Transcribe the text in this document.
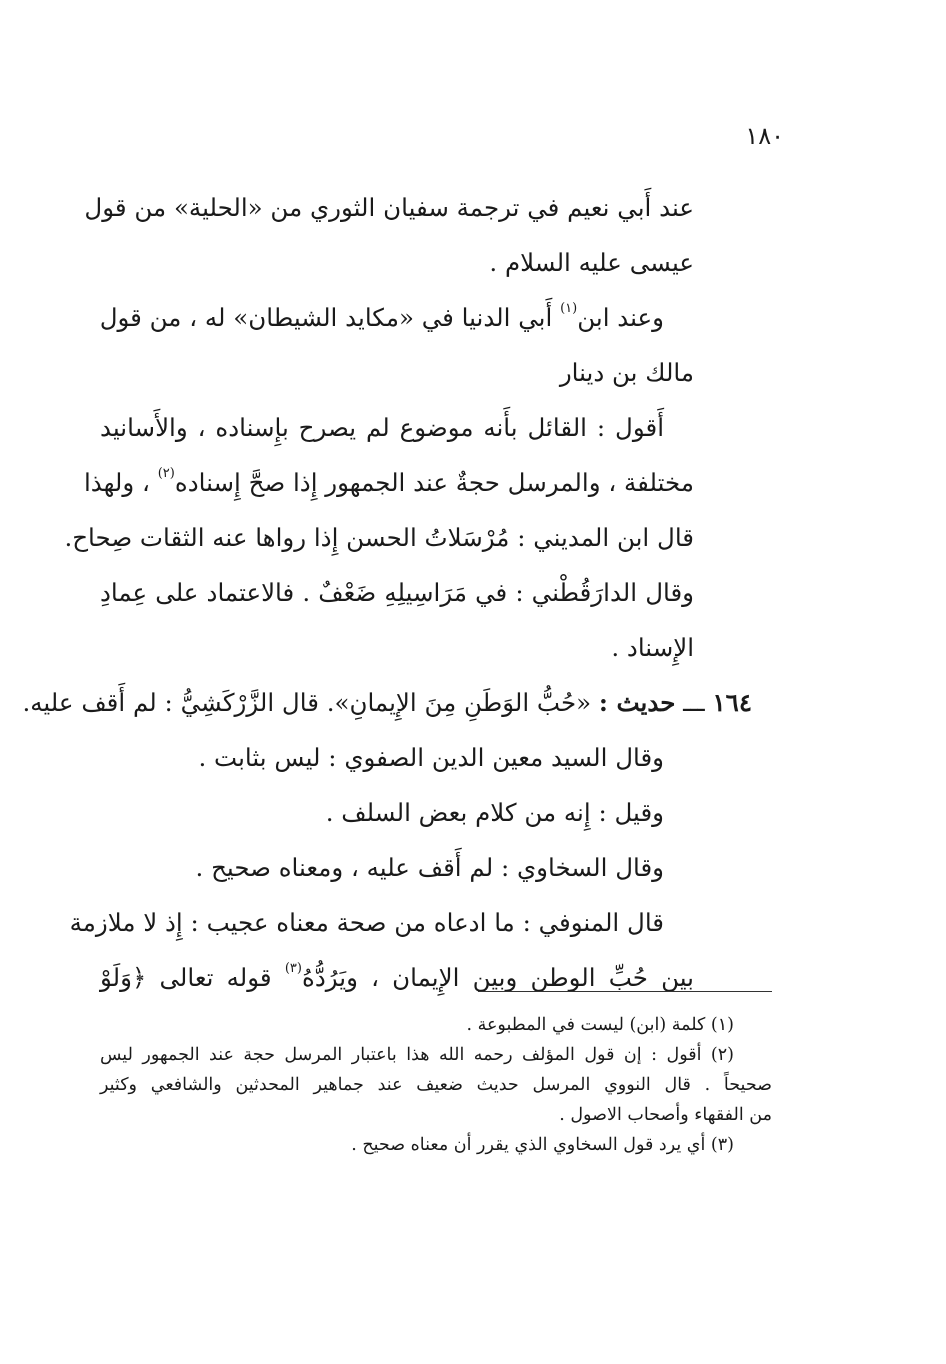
١٨٠
عند أَبي نعيم في ترجمة سفيان الثوري من «الحلية» من قول
عيسى عليه السلام .
وعند ابن$^{(١)}$ أَبي الدنيا في «مكايد الشيطان» له ، من قول
مالك بن دينار
أَقول : القائل بأَنه موضوع لم يصرح بإِسناده ، والأَسانيد
مختلفة ، والمرسل حجةٌ عند الجمهور إِذا صحَّ إِسناده$^{(٢)}$ ، ولهذا
قال ابن المديني : مُرْسَلاتُ الحسن إِذا رواها عنه الثقات صِحاح.
وقال الدارَقُطْني : في مَرَاسِيلِهِ ضَعْفٌ . فالاعتماد على عِمادِ
الإِسناد .
١٦٤ ـــ حديث : «حُبُّ الوَطَنِ مِنَ الإِيمانِ». قال الزَّرْكَشِيُّ : لم أَقف عليه.
وقال السيد معين الدين الصفوي : ليس بثابت .
وقيل : إِنه من كلام بعض السلف .
وقال السخاوي : لم أَقف عليه ، ومعناه صحيح .
قال المنوفي : ما ادعاه من صحة معناه عجيب : إِذ لا ملازمة
بين حُبِّ الوطن وبين الإِيمان ، ويَرُدُّهُ$^{(٣)}$ قوله تعالى ﴿وَلَوْ
(١) كلمة (ابن) ليست في المطبوعة .
(٢) أقول : إن قول المؤلف رحمه الله هذا باعتبار المرسل حجة عند الجمهور ليس
صحيحاً . قال النووي المرسل حديث ضعيف عند جماهير المحدثين والشافعي وكثير
من الفقهاء وأصحاب الاصول .
(٣) أي يرد قول السخاوي الذي يقرر أن معناه صحيح .
